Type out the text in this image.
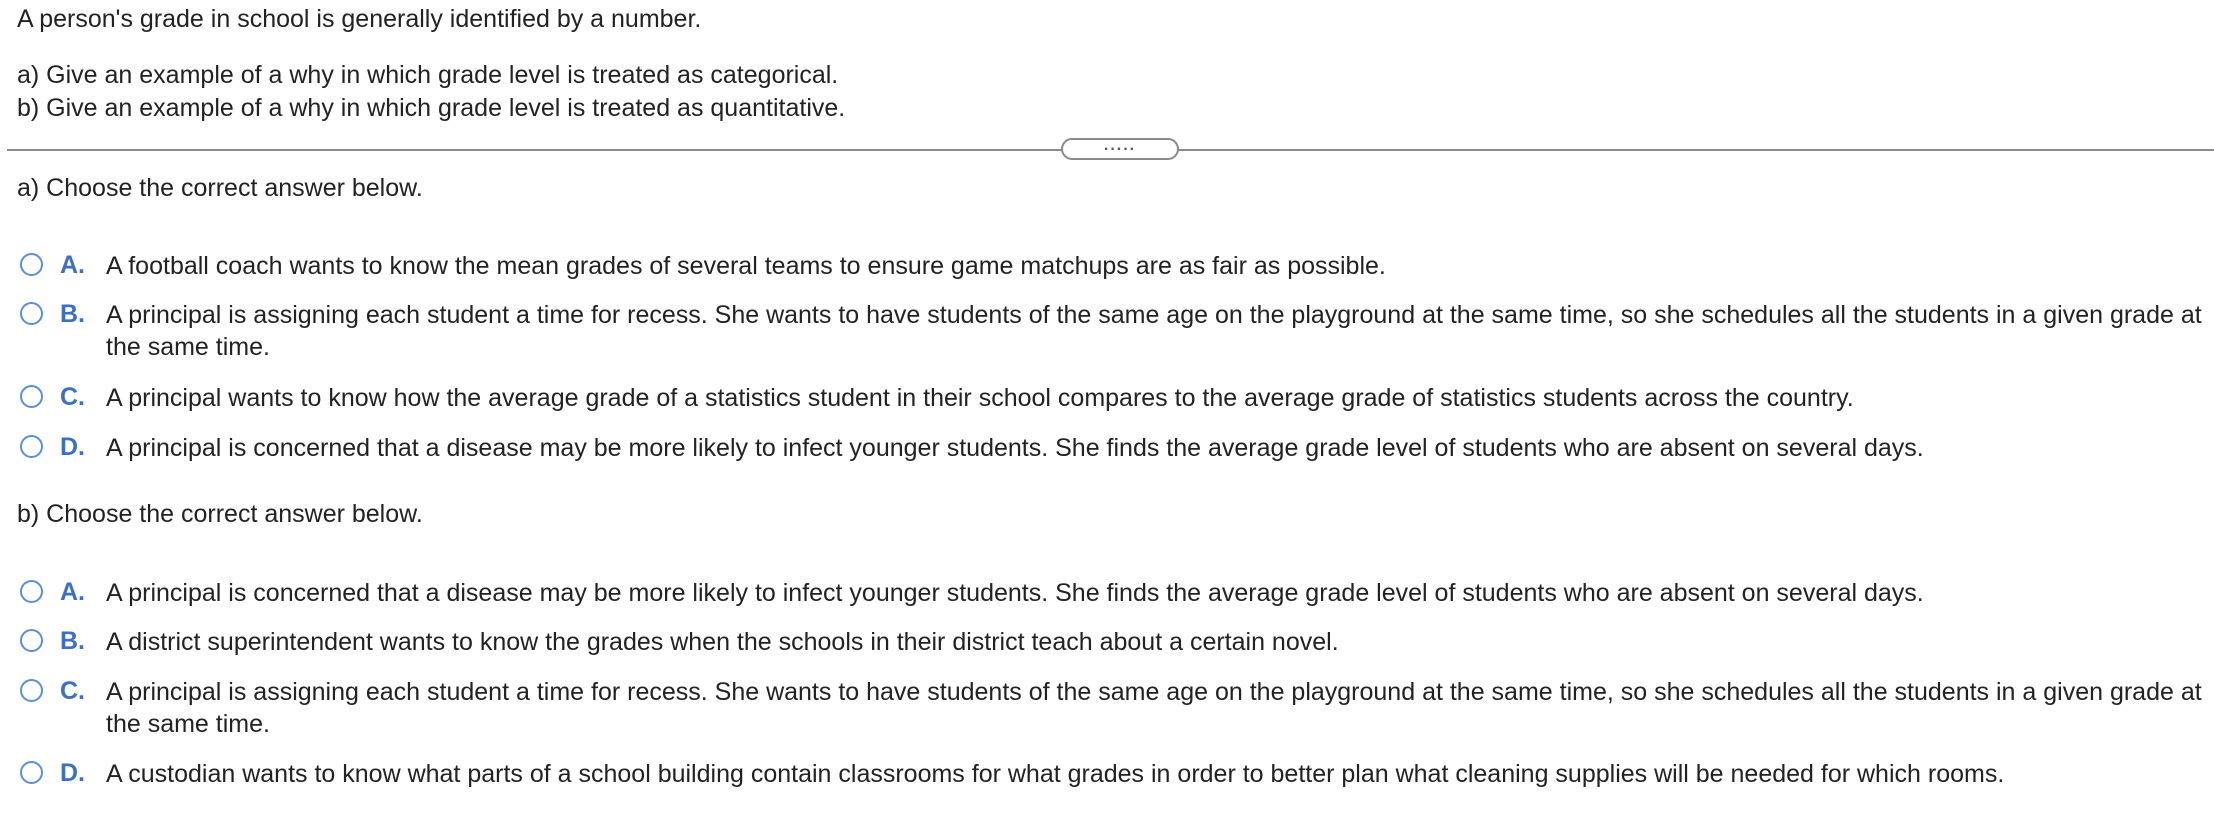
A person's grade in school is generally identified by a number.
a) Give an example of a why in which grade level is treated as categorical.
b) Give an example of a why in which grade level is treated as quantitative.
.....
a) Choose the correct answer below.
A. A football coach wants to know the mean grades of several teams to ensure game matchups are as fair as possible.
B. A principal is assigning each student a time for recess. She wants to have students of the same age on the playground at the same time, so she schedules all the students in a given grade at the same time.
C. A principal wants to know how the average grade of a statistics student in their school compares to the average grade of statistics students across the country.
D. A principal is concerned that a disease may be more likely to infect younger students. She finds the average grade level of students who are absent on several days.
b) Choose the correct answer below.
A. A principal is concerned that a disease may be more likely to infect younger students. She finds the average grade level of students who are absent on several days.
B. A district superintendent wants to know the grades when the schools in their district teach about a certain novel.
C. A principal is assigning each student a time for recess. She wants to have students of the same age on the playground at the same time, so she schedules all the students in a given grade at the same time.
D. A custodian wants to know what parts of a school building contain classrooms for what grades in order to better plan what cleaning supplies will be needed for which rooms.
